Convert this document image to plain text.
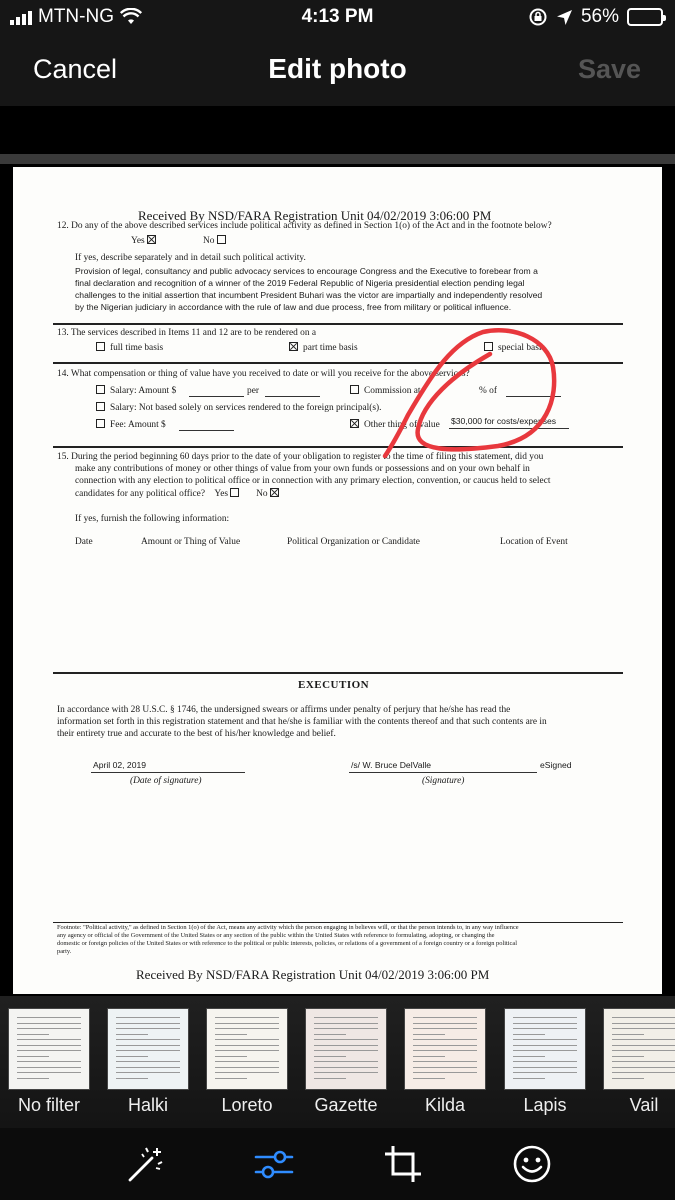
MTN-NG	4:13 PM	56%
Cancel	Edit photo	Save
Received By NSD/FARA Registration Unit 04/02/2019 3:06:00 PM
12. Do any of the above described services include political activity as defined in Section 1(o) of the Act and in the footnote below?
Yes	No
If yes, describe separately and in detail such political activity.
Provision of legal, consultancy and public advocacy services to encourage Congress and the Executive to forebear from a
final declaration and recognition of a winner of the 2019 Federal Republic of Nigeria presidential election pending legal
challenges to the initial assertion that incumbent President Buhari was the victor are impartially and independently resolved
by the Nigerian judiciary in accordance with the rule of law and due process, free from military or political influence.
13. The services described in Items 11 and 12 are to be rendered on a
full time basis	part time basis	special basis
14. What compensation or thing of value have you received to date or will you receive for the above services?
Salary: Amount $	per	Commission at	% of
Salary: Not based solely on services rendered to the foreign principal(s).
Fee: Amount $	Other thing of value $30,000 for costs/expenses
15. During the period beginning 60 days prior to the date of your obligation to register to the time of filing this statement, did you
make any contributions of money or other things of value from your own funds or possessions and on your own behalf in
connection with any election to political office or in connection with any primary election, convention, or caucus held to select
candidates for any political office? Yes	No
If yes, furnish the following information:
Date	Amount or Thing of Value	Political Organization or Candidate	Location of Event
EXECUTION
In accordance with 28 U.S.C. § 1746, the undersigned swears or affirms under penalty of perjury that he/she has read the
information set forth in this registration statement and that he/she is familiar with the contents thereof and that such contents are in
their entirety true and accurate to the best of his/her knowledge and belief.
April 02, 2019
(Date of signature)
/s/ W. Bruce DelValle
(Signature)
eSigned
Footnote: "Political activity," as defined in Section 1(o) of the Act, means any activity which the person engaging in believes will, or that the person intends to, in any way influence
any agency or official of the Government of the United States or any section of the public within the United States with reference to formulating, adopting, or changing the
domestic or foreign policies of the United States or with reference to the political or public interests, policies, or relations of a government of a foreign country or a foreign political
party.
Received By NSD/FARA Registration Unit 04/02/2019 3:06:00 PM
No filter	Halki	Loreto	Gazette	Kilda	Lapis	Vail
